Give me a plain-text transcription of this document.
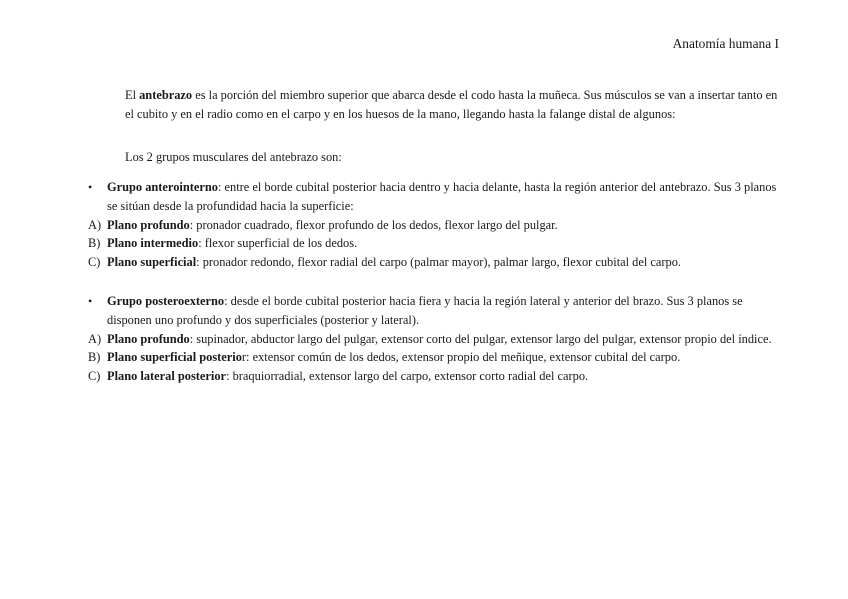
Anatomía humana I

El antebrazo es la porción del miembro superior que abarca desde el codo hasta la muñeca. Sus músculos se van a insertar tanto en el cubito y en el radio como en el carpo y en los huesos de la mano, llegando hasta la falange distal de algunos:

Los 2 grupos musculares del antebrazo son:

•	Grupo anterointerno: entre el borde cubital posterior hacia dentro y hacia delante, hasta la región anterior del antebrazo. Sus 3 planos se sitúan desde la profundidad hacia la superficie:
A) Plano profundo: pronador cuadrado, flexor profundo de los dedos, flexor largo del pulgar.
B) Plano intermedio: flexor superficial de los dedos.
C) Plano superficial: pronador redondo, flexor radial del carpo (palmar mayor), palmar largo, flexor cubital del carpo.
•	Grupo posteroexterno: desde el borde cubital posterior hacia fiera y hacia la región lateral y anterior del brazo. Sus 3 planos se disponen uno profundo y dos superficiales (posterior y lateral).
A) Plano profundo: supinador, abductor largo del pulgar, extensor corto del pulgar, extensor largo del pulgar, extensor propio del índice.
B) Plano superficial posterior: extensor común de los dedos, extensor propio del meñique, extensor cubital del carpo.
C) Plano lateral posterior: braquiorradial, extensor largo del carpo, extensor corto radial del carpo.
